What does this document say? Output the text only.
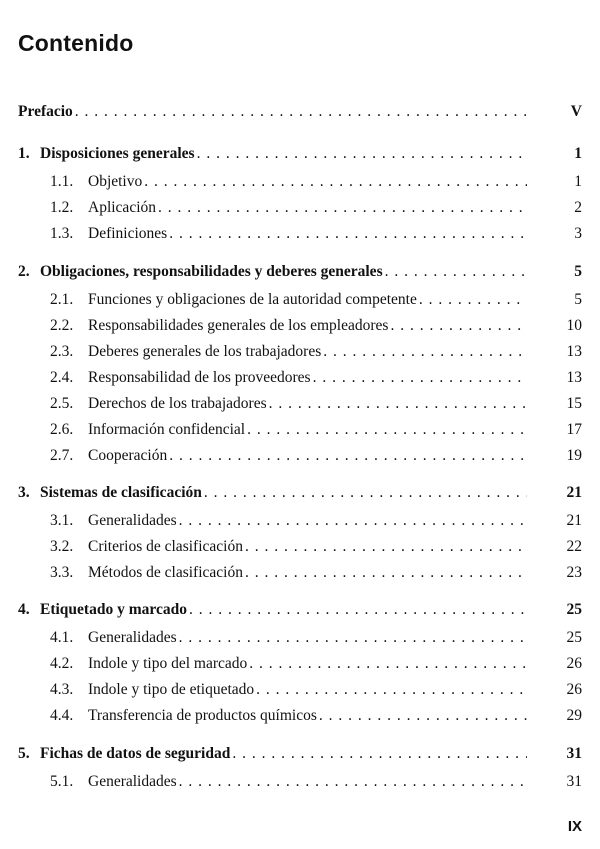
Contenido
Prefacio . . .	V
1. Disposiciones generales . . .	1
1.1. Objetivo . . .	1
1.2. Aplicación . . .	2
1.3. Definiciones . . .	3
2. Obligaciones, responsabilidades y deberes generales . . .	5
2.1. Funciones y obligaciones de la autoridad competente . . .	5
2.2. Responsabilidades generales de los empleadores . . .	10
2.3. Deberes generales de los trabajadores . . .	13
2.4. Responsabilidad de los proveedores . . .	13
2.5. Derechos de los trabajadores . . .	15
2.6. Información confidencial . . .	17
2.7. Cooperación . . .	19
3. Sistemas de clasificación . . .	21
3.1. Generalidades . . .	21
3.2. Criterios de clasificación . . .	22
3.3. Métodos de clasificación . . .	23
4. Etiquetado y marcado . . .	25
4.1. Generalidades . . .	25
4.2. Indole y tipo del marcado . . .	26
4.3. Indole y tipo de etiquetado . . .	26
4.4. Transferencia de productos químicos . . .	29
5. Fichas de datos de seguridad . . .	31
5.1. Generalidades . . .	31
IX
